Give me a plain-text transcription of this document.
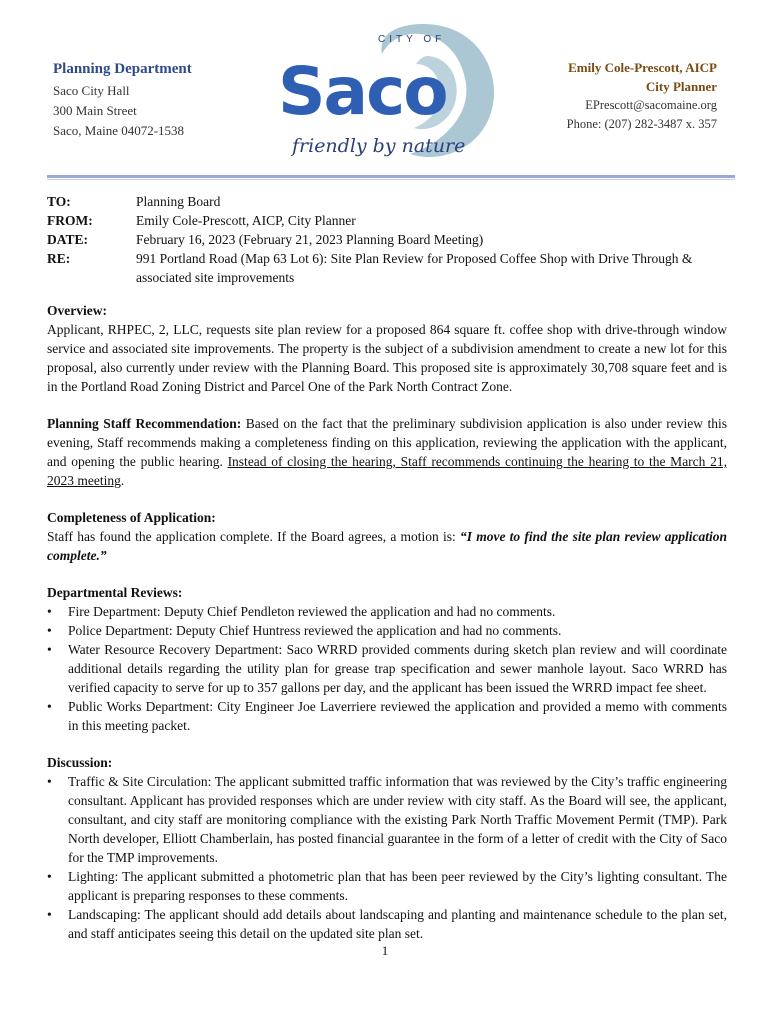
Planning Department
Saco City Hall
300 Main Street
Saco, Maine 04072-1538
CITY OF
Saco
friendly by nature
Emily Cole-Prescott, AICP
City Planner
EPrescott@sacomaine.org
Phone: (207) 282-3487 x. 357
TO:	Planning Board
FROM:	Emily Cole-Prescott, AICP, City Planner
DATE:	February 16, 2023 (February 21, 2023 Planning Board Meeting)
RE:	991 Portland Road (Map 63 Lot 6): Site Plan Review for Proposed Coffee Shop with Drive Through & associated site improvements
Overview:

Applicant, RHPEC, 2, LLC, requests site plan review for a proposed 864 square ft. coffee shop with drive-through window service and associated site improvements. The property is the subject of a subdivision amendment to create a new lot for this proposal, also currently under review with the Planning Board. This proposed site is approximately 30,708 square feet and is in the Portland Road Zoning District and Parcel One of the Park North Contract Zone.

Planning Staff Recommendation: Based on the fact that the preliminary subdivision application is also under review this evening, Staff recommends making a completeness finding on this application, reviewing the application with the applicant, and opening the public hearing. Instead of closing the hearing, Staff recommends continuing the hearing to the March 21, 2023 meeting.

Completeness of Application:

Staff has found the application complete. If the Board agrees, a motion is: “I move to find the site plan review application complete.”

Departmental Reviews:
• Fire Department: Deputy Chief Pendleton reviewed the application and had no comments.
• Police Department: Deputy Chief Huntress reviewed the application and had no comments.
• Water Resource Recovery Department: Saco WRRD provided comments during sketch plan review and will coordinate additional details regarding the utility plan for grease trap specification and sewer manhole layout. Saco WRRD has verified capacity to serve for up to 357 gallons per day, and the applicant has been issued the WRRD impact fee sheet.
• Public Works Department: City Engineer Joe Laverriere reviewed the application and provided a memo with comments in this meeting packet.
Discussion:
• Traffic & Site Circulation: The applicant submitted traffic information that was reviewed by the City’s traffic engineering consultant. Applicant has provided responses which are under review with city staff. As the Board will see, the applicant, consultant, and city staff are monitoring compliance with the existing Park North Traffic Movement Permit (TMP). Park North developer, Elliott Chamberlain, has posted financial guarantee in the form of a letter of credit with the City of Saco for the TMP improvements.
• Lighting: The applicant submitted a photometric plan that has been peer reviewed by the City’s lighting consultant. The applicant is preparing responses to these comments.
• Landscaping: The applicant should add details about landscaping and planting and maintenance schedule to the plan set, and staff anticipates seeing this detail on the updated site plan set.
1
